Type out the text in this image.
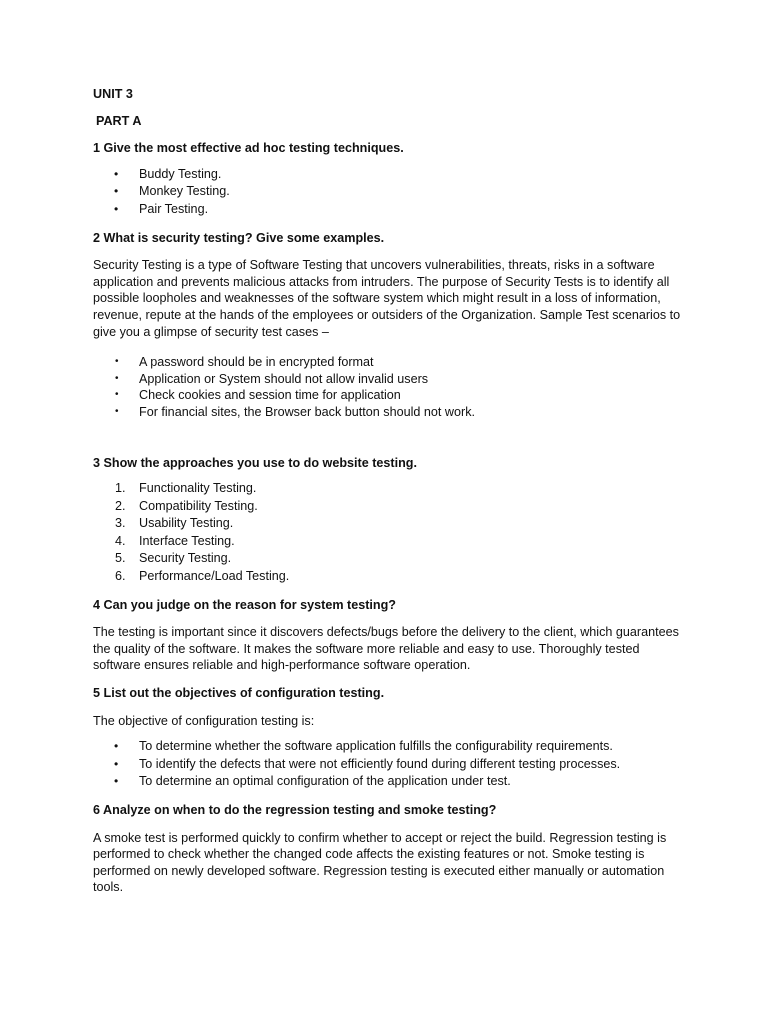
UNIT 3

PART A

1 Give the most effective ad hoc testing techniques.

• Buddy Testing.
• Monkey Testing.
• Pair Testing.

2 What is security testing? Give some examples.

Security Testing is a type of Software Testing that uncovers vulnerabilities, threats, risks in a software application and prevents malicious attacks from intruders. The purpose of Security Tests is to identify all possible loopholes and weaknesses of the software system which might result in a loss of information, revenue, repute at the hands of the employees or outsiders of the Organization. Sample Test scenarios to give you a glimpse of security test cases –

• A password should be in encrypted format
• Application or System should not allow invalid users
• Check cookies and session time for application
• For financial sites, the Browser back button should not work.

3 Show the approaches you use to do website testing.

1. Functionality Testing.
2. Compatibility Testing.
3. Usability Testing.
4. Interface Testing.
5. Security Testing.
6. Performance/Load Testing.

4 Can you judge on the reason for system testing?

The testing is important since it discovers defects/bugs before the delivery to the client, which guarantees the quality of the software. It makes the software more reliable and easy to use. Thoroughly tested software ensures reliable and high-performance software operation.

5 List out the objectives of configuration testing.

The objective of configuration testing is:

• To determine whether the software application fulfills the configurability requirements.
• To identify the defects that were not efficiently found during different testing processes.
• To determine an optimal configuration of the application under test.

6 Analyze on when to do the regression testing and smoke testing?

A smoke test is performed quickly to confirm whether to accept or reject the build. Regression testing is performed to check whether the changed code affects the existing features or not. Smoke testing is performed on newly developed software. Regression testing is executed either manually or automation tools.
